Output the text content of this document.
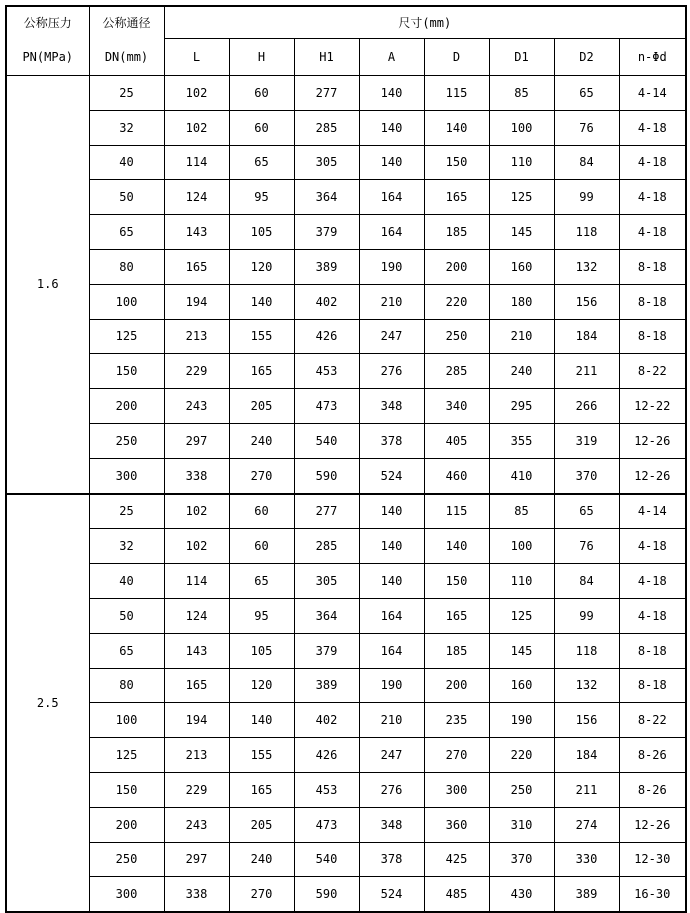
公称压力
PN(MPa)	公称通径
DN(mm)	尺寸(mm)							
		L	H	H1	A	D	D1	D2	n-Φd
1.6	25	102	60	277	140	115	85	65	4-14
	32	102	60	285	140	140	100	76	4-18
	40	114	65	305	140	150	110	84	4-18
	50	124	95	364	164	165	125	99	4-18
	65	143	105	379	164	185	145	118	4-18
	80	165	120	389	190	200	160	132	8-18
	100	194	140	402	210	220	180	156	8-18
	125	213	155	426	247	250	210	184	8-18
	150	229	165	453	276	285	240	211	8-22
	200	243	205	473	348	340	295	266	12-22
	250	297	240	540	378	405	355	319	12-26
	300	338	270	590	524	460	410	370	12-26
2.5	25	102	60	277	140	115	85	65	4-14
	32	102	60	285	140	140	100	76	4-18
	40	114	65	305	140	150	110	84	4-18
	50	124	95	364	164	165	125	99	4-18
	65	143	105	379	164	185	145	118	8-18
	80	165	120	389	190	200	160	132	8-18
	100	194	140	402	210	235	190	156	8-22
	125	213	155	426	247	270	220	184	8-26
	150	229	165	453	276	300	250	211	8-26
	200	243	205	473	348	360	310	274	12-26
	250	297	240	540	378	425	370	330	12-30
	300	338	270	590	524	485	430	389	16-30
